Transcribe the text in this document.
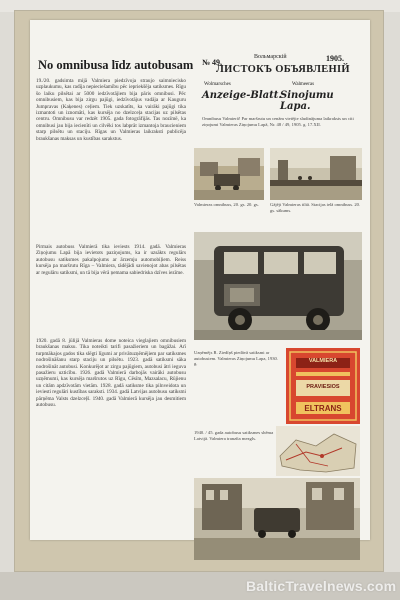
No omnibusa līdz autobusam
19./20. gadsimta mijā Valmiera piedzīvoja straujo saimniecisko uzplaukumu, kas radīja nepieciešamību pēc iepriekšēja satiksmes. Rīgu šo laiku pilsētai ar 5000 iedzīvotājiem bija pāris omnibusi. Pēc omnibusiem, kas bija zirgu pajūgi, iedzīvotājus vadāja ar Kauguru Jumpravas (Kaķenes) ceļiem. Tiek uzskatīts, ka vairāki pajūgi tika izmantoti un iznomāti, kas kursēja no dzelzceļa stacijas uz pilsētas centru. Omnibusu var redzēt 1905. gada fotogrāfijās. Tas nozīmē, ka omnibusi jau bija iecienīti un cilvēki tos labprāt izmantoja braucieniem starp pilsētu un staciju. Rīgas un Valmieras laikraksti publicēja braukšanas maksas un kustības sarakstus.
Pirmais autobuss Valmierā tika ieviests 1914. gadā. Valmieras Ziņojumu Lapā bija ievietots paziņojums, ka ir uzsākts regulārs autobusu satiksmes pakalpojums ar ārzemju automobiļiem. Reiss kursēja pa maršrutu Rīga – Valmiera, tādējādi savienojot abas pilsētas ar regulāru satiksmi, un tā bija vērā ņemama sabiedriska dzīves iezīme.
1920. gadā 8. jūlijā Valmieras dome noteica vieglajiem omnibusiem braukšanas maksu. Tika noteikti tarifi pasažieriem un bagāžai. Arī turpmākajos gados tika slēgti līgumi ar privātuzņēmējiem par satiksmes nodrošināšanu starp staciju un pilsētu. 1923. gadā satiksmi sāka nodrošināt autobusi. Konkurējot ar zirgu pajūgiem, autobusi ātri ieguva pasažieru uzticību. 1926. gadā Valmierā darbojās vairāki autobusu uzņēmumi, kas kursēja maršrutos uz Rīgu, Cēsīm, Mazsalacu, Rūjienu un citām apdzīvotām vietām. 1928. gadā satiksme tika pilnveidota un ieviesti regulāri kustības saraksti. 1934. gadā Latvijas autobusu satiksmi pārņēma Valsts dzelzceļš. 1940. gadā Valmierā kursēja jau desmitiem autobusu.
№ 49,
Вольмарскій	1905.
ЛИСТОКЪ ОБЪЯВЛЕНІЙ
Wolmarsches	Walmeeras
Anzeige-Blatt.
Sinojumu Lapa.
Omnibusu Valmierā! Par maršrutu un cenām vietējie sludinājuma laikraksts un citi ziņojumi Valmieras Ziņojumu Lapā, Nr. 48 / 49, 1905. g. 17.XII.
Valmieras omnibuss, 20. gs. 20. gs.	Gājēji Valmieras tiltā. Stacijas ielā omnibuss. 20. gs. sākums.
Uzņēmējs R. Ziedīņš piedāvā satiksmi ar autobusiem. Valmieras Ziņojumu Lapa, 1930. g.	VALMIERA
PRAVIESIOS
ELTRANS
1940. / 45. gada autobusu satiksmes shēma Latvijā. Valmiera tranzīta mezgls.
BalticTravelnews.com
